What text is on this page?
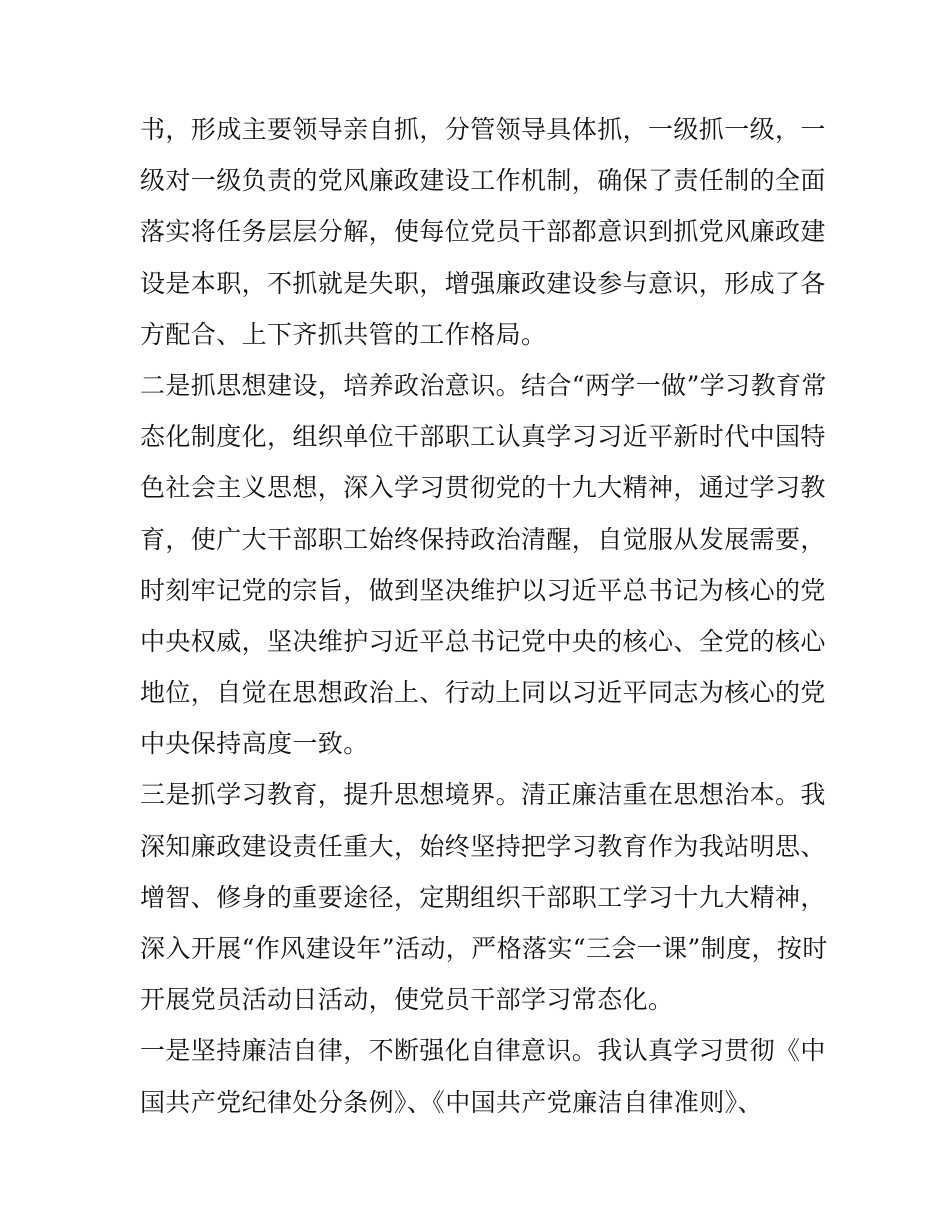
书，形成主要领导亲自抓，分管领导具体抓，一级抓一级，一
级对一级负责的党风廉政建设工作机制，确保了责任制的全面
落实将任务层层分解，使每位党员干部都意识到抓党风廉政建
设是本职，不抓就是失职，增强廉政建设参与意识，形成了各
方配合、上下齐抓共管的工作格局。
二是抓思想建设，培养政治意识。结合“两学一做”学习教育常
态化制度化，组织单位干部职工认真学习习近平新时代中国特
色社会主义思想，深入学习贯彻党的十九大精神，通过学习教
育，使广大干部职工始终保持政治清醒，自觉服从发展需要，
时刻牢记党的宗旨，做到坚决维护以习近平总书记为核心的党
中央权威，坚决维护习近平总书记党中央的核心、全党的核心
地位，自觉在思想政治上、行动上同以习近平同志为核心的党
中央保持高度一致。
三是抓学习教育，提升思想境界。清正廉洁重在思想治本。我
深知廉政建设责任重大，始终坚持把学习教育作为我站明思、
增智、修身的重要途径，定期组织干部职工学习十九大精神，
深入开展“作风建设年”活动，严格落实“三会一课”制度，按时
开展党员活动日活动，使党员干部学习常态化。
一是坚持廉洁自律，不断强化自律意识。我认真学习贯彻《中
国共产党纪律处分条例》、《中国共产党廉洁自律准则》、
